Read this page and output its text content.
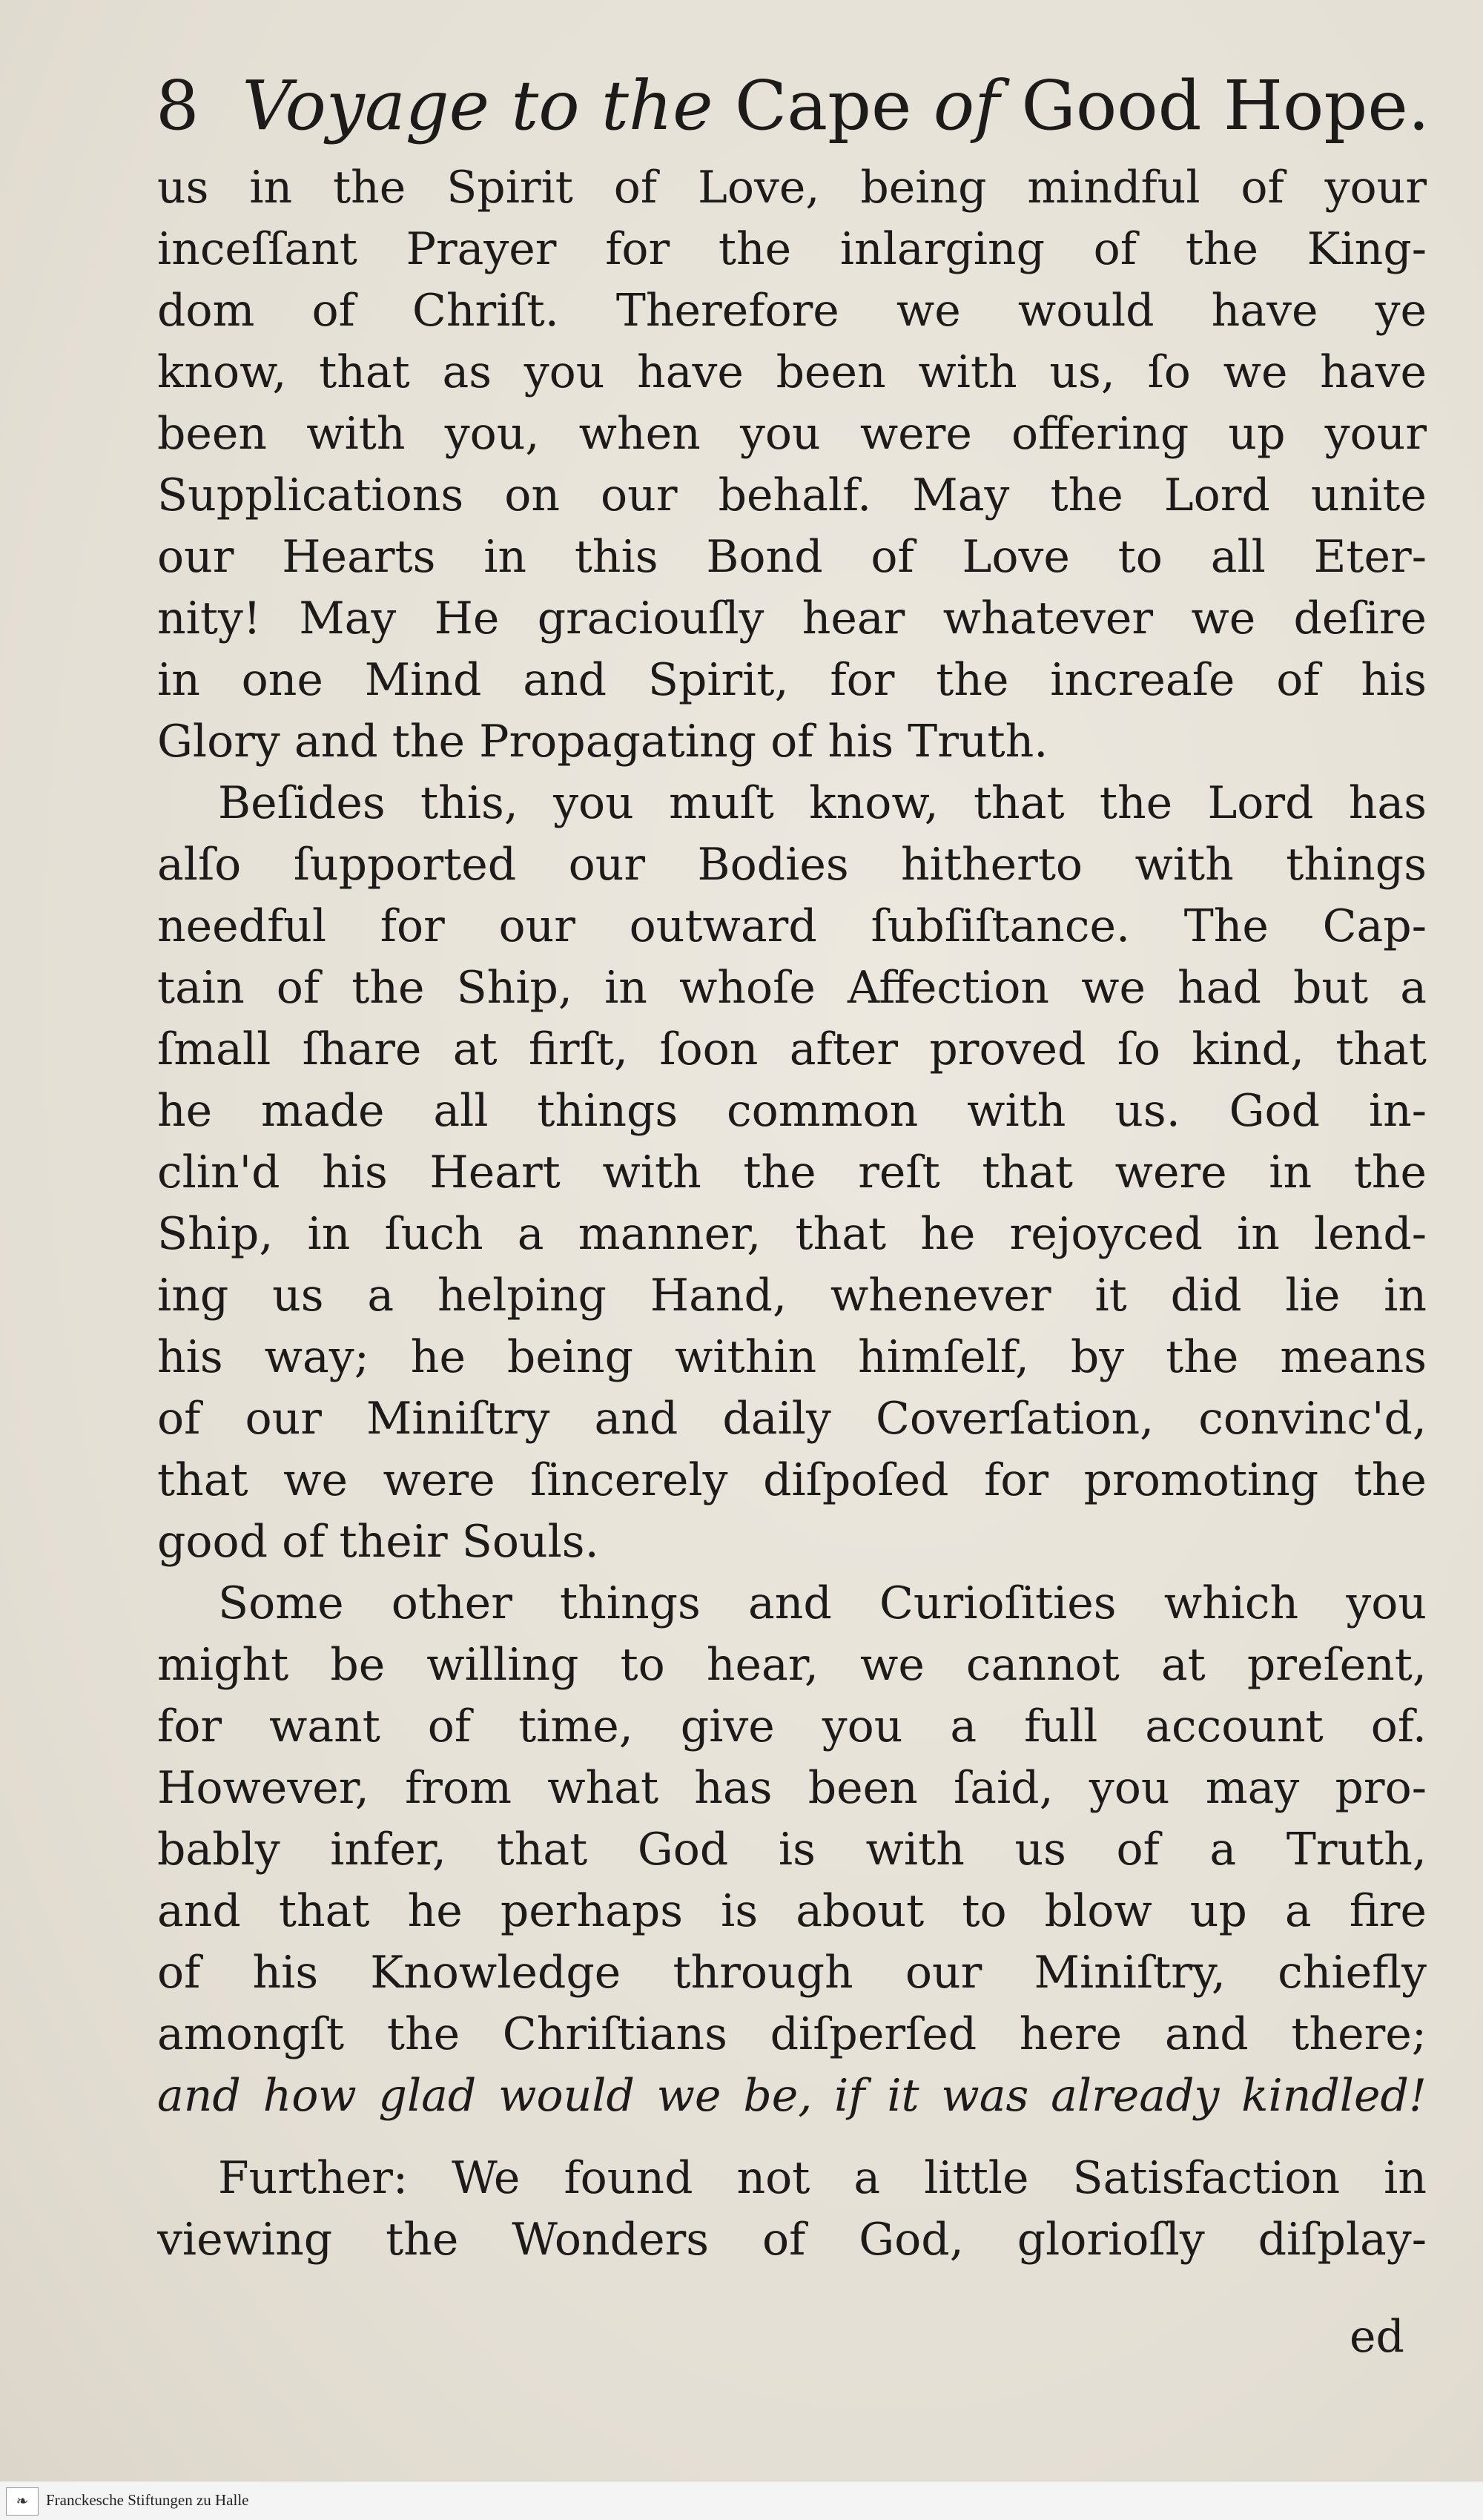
8 Voyage to the Cape of Good Hope.
us in the Spirit of Love, being mindful of your
inceſſant Prayer for the inlarging of the King-
dom of Chriſt. Therefore we would have ye
know, that as you have been with us, ſo we have
been with you, when you were offering up your
Supplications on our behalf. May the Lord unite
our Hearts in this Bond of Love to all Eter-
nity! May He graciouſly hear whatever we deſire
in one Mind and Spirit, for the increaſe of his
Glory and the Propagating of his Truth.
Beſides this, you muſt know, that the Lord has
alſo ſupported our Bodies hitherto with things
needful for our outward ſubſiſtance. The Cap-
tain of the Ship, in whoſe Affection we had but a
ſmall ſhare at firſt, ſoon after proved ſo kind, that
he made all things common with us. God in-
clin'd his Heart with the reſt that were in the
Ship, in ſuch a manner, that he rejoyced in lend-
ing us a helping Hand, whenever it did lie in
his way; he being within himſelf, by the means
of our Miniſtry and daily Coverſation, convinc'd,
that we were ſincerely diſpoſed for promoting the
good of their Souls.
Some other things and Curioſities which you
might be willing to hear, we cannot at preſent,
for want of time, give you a full account of.
However, from what has been ſaid, you may pro-
bably infer, that God is with us of a Truth,
and that he perhaps is about to blow up a fire
of his Knowledge through our Miniſtry, chiefly
amongſt the Chriſtians diſperſed here and there;
and how glad would we be, if it was already kindled!
Further: We found not a little Satisfaction in
viewing the Wonders of God, glorioſly diſplay-
ed
❧	Franckesche Stiftungen zu Halle
